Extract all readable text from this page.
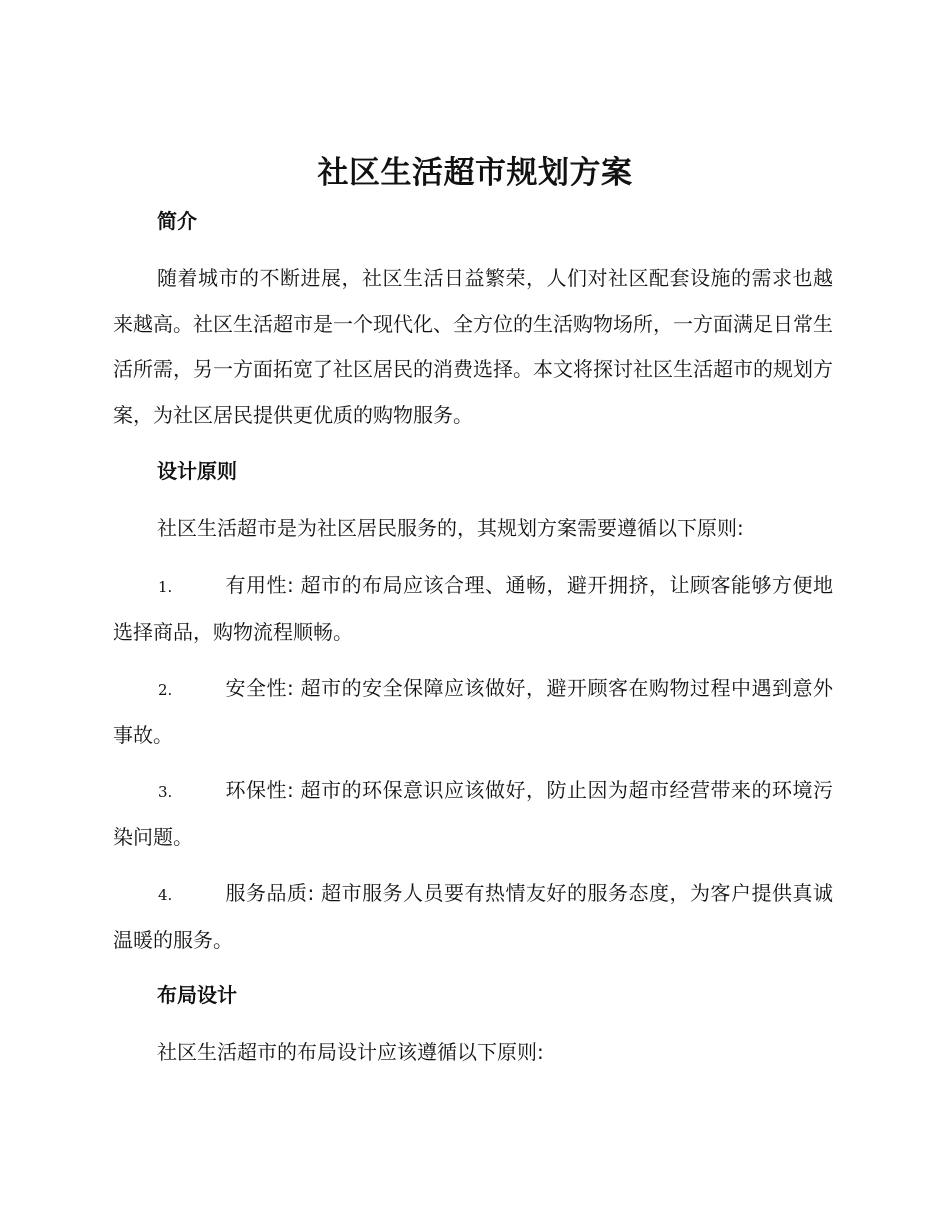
社区生活超市规划方案
简介

随着城市的不断进展，社区生活日益繁荣，人们对社区配套设施的需求也越来越高。社区生活超市是一个现代化、全方位的生活购物场所，一方面满足日常生活所需，另一方面拓宽了社区居民的消费选择。本文将探讨社区生活超市的规划方案，为社区居民提供更优质的购物服务。

设计原则

社区生活超市是为社区居民服务的，其规划方案需要遵循以下原则:

1.	有用性: 超市的布局应该合理、通畅，避开拥挤，让顾客能够方便地选择商品，购物流程顺畅。

2.	安全性: 超市的安全保障应该做好，避开顾客在购物过程中遇到意外事故。

3.	环保性: 超市的环保意识应该做好，防止因为超市经营带来的环境污染问题。

4.	服务品质: 超市服务人员要有热情友好的服务态度，为客户提供真诚温暖的服务。

布局设计

社区生活超市的布局设计应该遵循以下原则:
